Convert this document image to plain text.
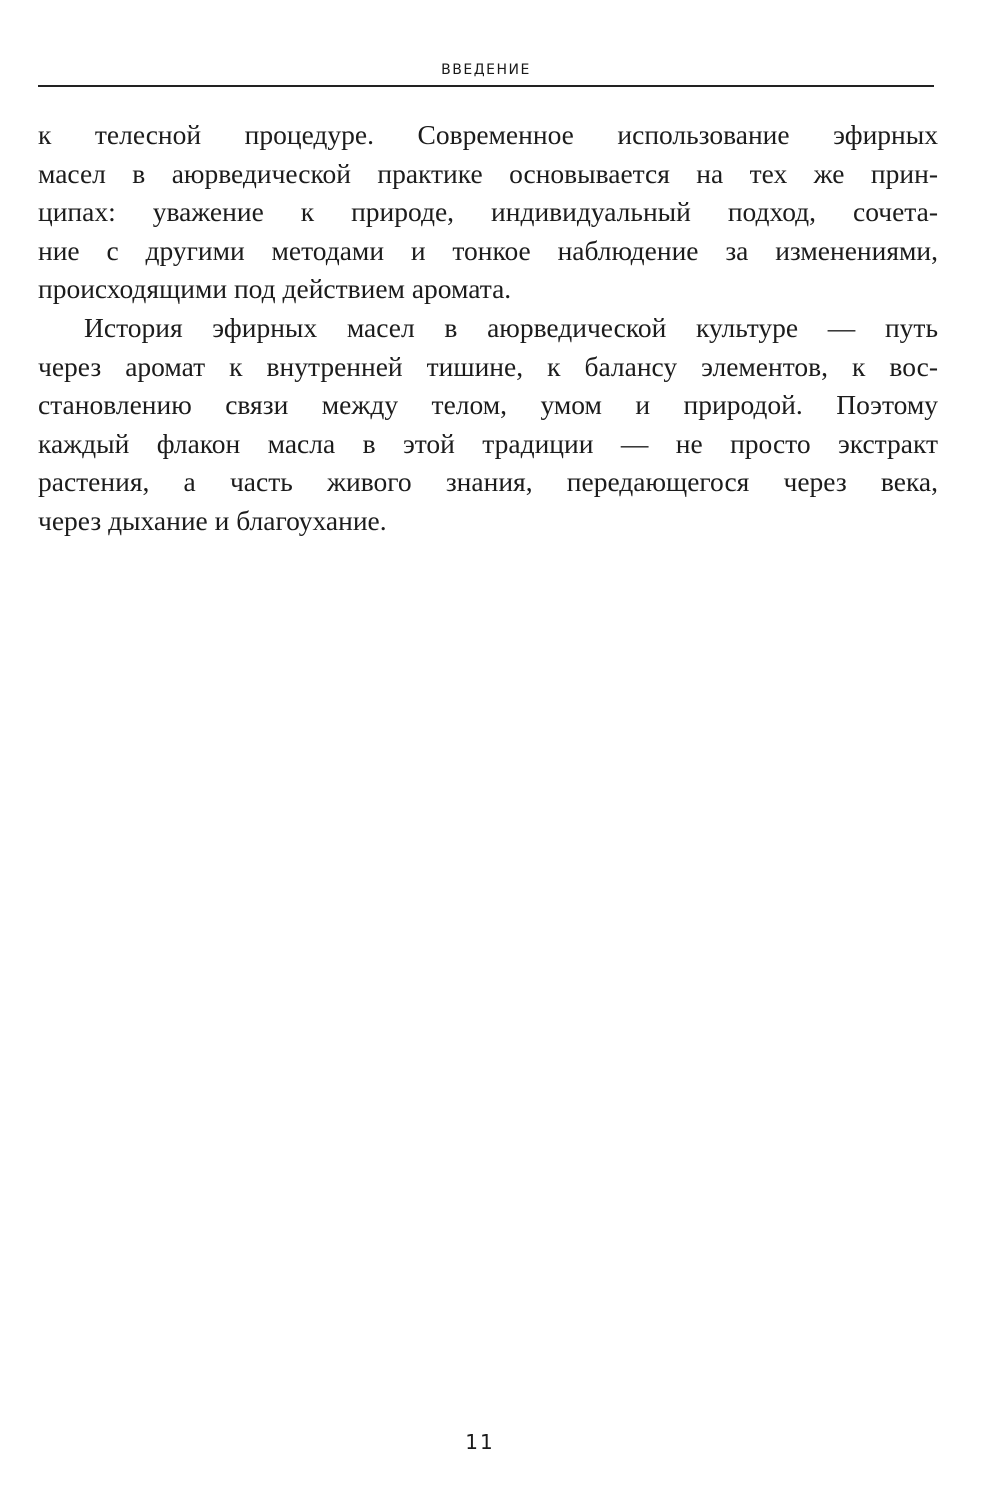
ВВЕДЕНИЕ
к телесной процедуре. Современное использование эфирных
масел в аюрведической практике основывается на тех же прин-
ципах: уважение к природе, индивидуальный подход, сочета-
ние с другими методами и тонкое наблюдение за изменениями,
происходящими под действием аромата.
История эфирных масел в аюрведической культуре — путь
через аромат к внутренней тишине, к балансу элементов, к вос-
становлению связи между телом, умом и природой. Поэтому
каждый флакон масла в этой традиции — не просто экстракт
растения, а часть живого знания, передающегося через века,
через дыхание и благоухание.
11
